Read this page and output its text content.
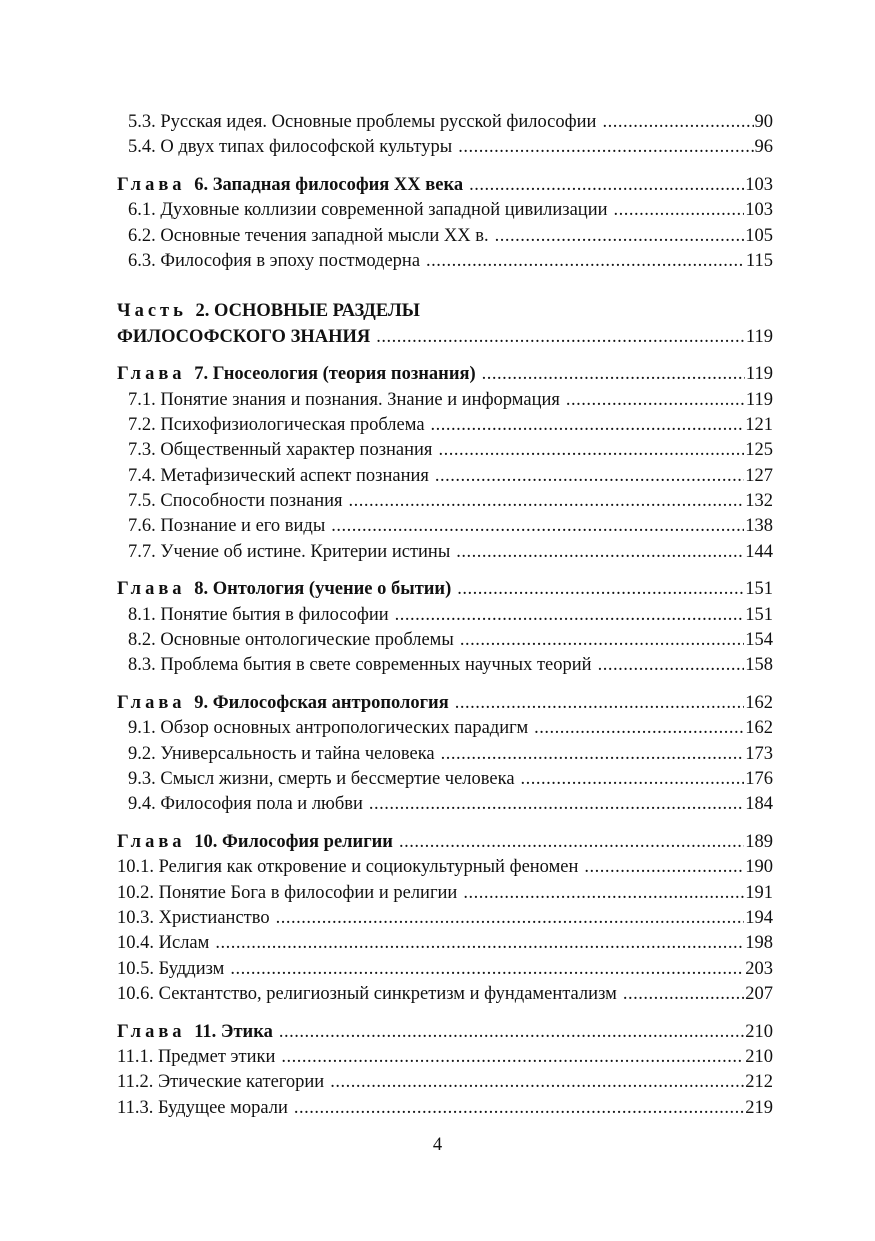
5.3. Русская идея. Основные проблемы русской философии .....	90
5.4. О двух типах философской культуры .....	96
Глава 6. Западная философия ХХ века .....	103
6.1. Духовные коллизии современной западной цивилизации .....	103
6.2. Основные течения западной мысли ХХ в. .....	105
6.3. Философия в эпоху постмодерна .....	115
Часть 2. ОСНОВНЫЕ РАЗДЕЛЫ
ФИЛОСОФСКОГО ЗНАНИЯ .....	119
Глава 7. Гносеология (теория познания) .....	119
7.1. Понятие знания и познания. Знание и информация .....	119
7.2. Психофизиологическая проблема .....	121
7.3. Общественный характер познания .....	125
7.4. Метафизический аспект познания .....	127
7.5. Способности познания .....	132
7.6. Познание и его виды .....	138
7.7. Учение об истине. Критерии истины .....	144
Глава 8. Онтология (учение о бытии) .....	151
8.1. Понятие бытия в философии .....	151
8.2. Основные онтологические проблемы .....	154
8.3. Проблема бытия в свете современных научных теорий .....	158
Глава 9. Философская антропология .....	162
9.1. Обзор основных антропологических парадигм .....	162
9.2. Универсальность и тайна человека .....	173
9.3. Смысл жизни, смерть и бессмертие человека .....	176
9.4. Философия пола и любви .....	184
Глава 10. Философия религии .....	189
10.1. Религия как откровение и социокультурный феномен .....	190
10.2. Понятие Бога в философии и религии .....	191
10.3. Христианство .....	194
10.4. Ислам .....	198
10.5. Буддизм .....	203
10.6. Сектантство, религиозный синкретизм и фундаментализм .....	207
Глава 11. Этика .....	210
11.1. Предмет этики .....	210
11.2. Этические категории .....	212
11.3. Будущее морали .....	219
4
